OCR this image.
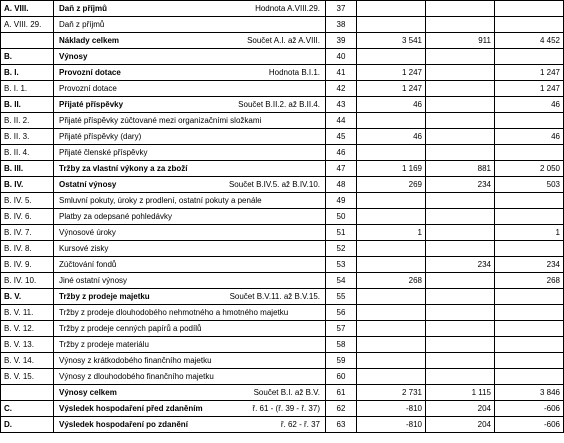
A. VIII.	Daň z příjmů Hodnota A.VIII.29.	37			
A. VIII. 29.	Daň z příjmů	38			

	Náklady celkem Součet A.I. až A.VIII.	39	3 541	911	4 452
B.	Výnosy	40			
B. I.	Provozní dotace Hodnota B.I.1.	41	1 247		1 247
B. I. 1.	Provozní dotace	42	1 247		1 247
B. II.	Přijaté příspěvky Součet B.II.2. až B.II.4.	43	46		46
B. II. 2.	Přijaté příspěvky zúčtované mezi organizačními složkami	44			
B. II. 3.	Přijaté příspěvky (dary)	45	46		46
B. II. 4.	Přijaté členské příspěvky	46			
B. III.	Tržby za vlastní výkony a za zboží	47	1 169	881	2 050
B. IV.	Ostatní výnosy Součet B.IV.5. až B.IV.10.	48	269	234	503
B. IV. 5.	Smluvní pokuty, úroky z prodlení, ostatní pokuty a penále	49			
B. IV. 6.	Platby za odepsané pohledávky	50			
B. IV. 7.	Výnosové úroky	51	1		1
B. IV. 8.	Kursové zisky	52			
B. IV. 9.	Zúčtování fondů	53		234	234
B. IV. 10.	Jiné ostatní výnosy	54	268		268
B. V.	Tržby z prodeje majetku Součet B.V.11. až B.V.15.	55			
B. V. 11.	Tržby z prodeje dlouhodobého nehmotného a hmotného majetku	56			
B. V. 12.	Tržby z prodeje cenných papírů a podílů	57			
B. V. 13.	Tržby z prodeje materiálu	58			
B. V. 14.	Výnosy z krátkodobého finančního majetku	59			
B. V. 15.	Výnosy z dlouhodobého finančního majetku	60			

	Výnosy celkem Součet B.I. až B.V.	61	2 731	1 115	3 846
C.	Výsledek hospodaření před zdaněním ř. 61 - (ř. 39 - ř. 37)	62	-810	204	-606
D.	Výsledek hospodaření po zdanění ř. 62 - ř. 37	63	-810	204	-606
